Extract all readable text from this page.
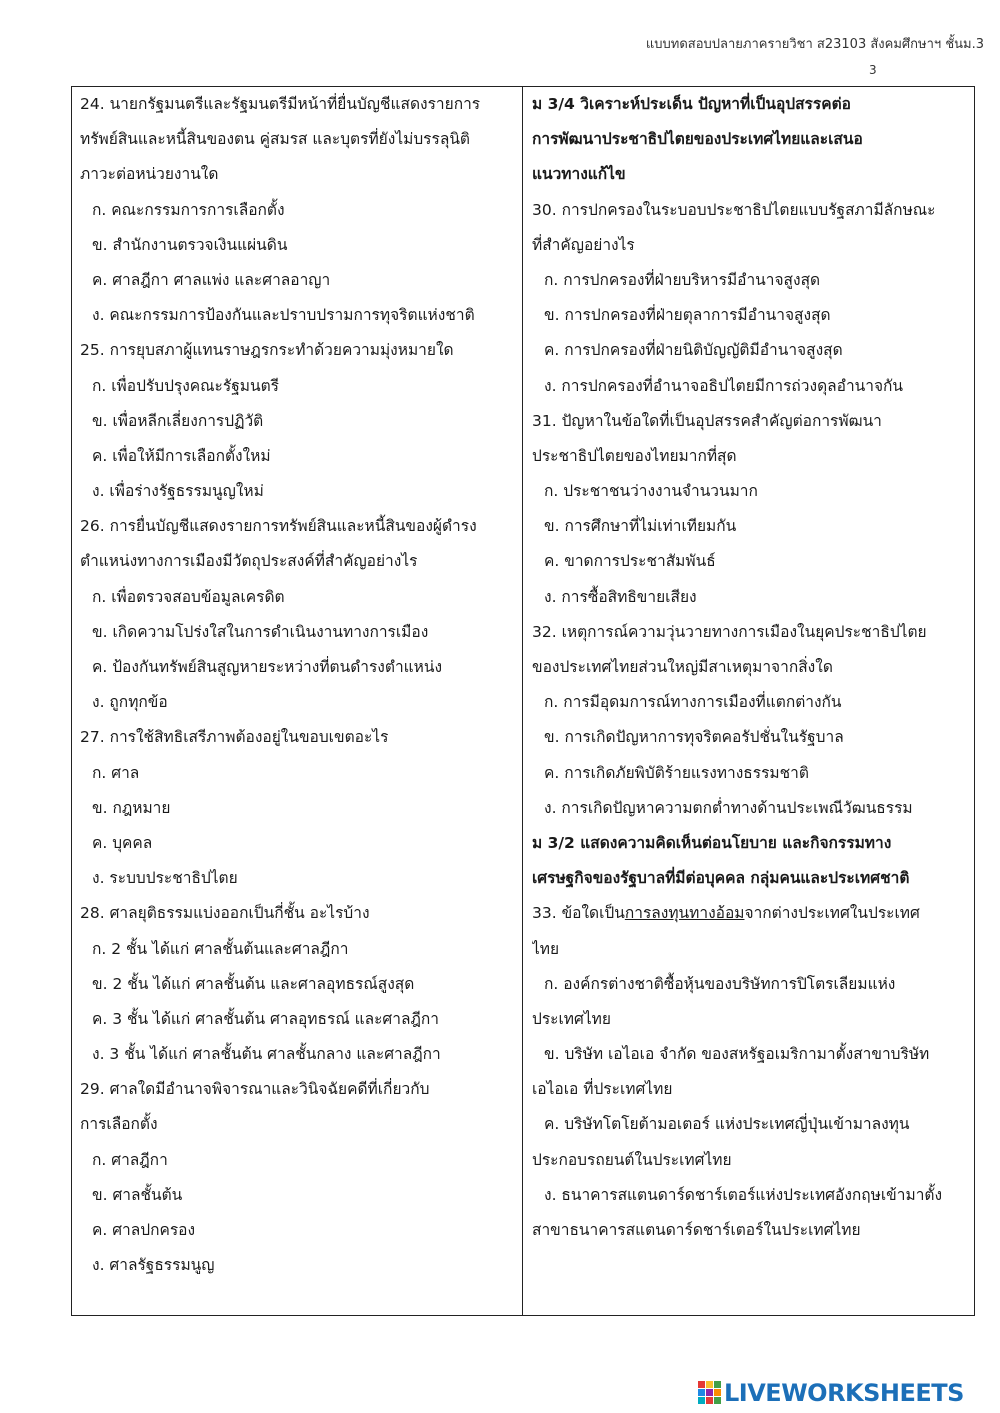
แบบทดสอบปลายภาครายวิชา ส23103 สังคมศึกษาฯ ชั้นม.3
3
24. นายกรัฐมนตรีและรัฐมนตรีมีหน้าที่ยื่นบัญชีแสดงรายการ
ทรัพย์สินและหนี้สินของตน คู่สมรส และบุตรที่ยังไม่บรรลุนิติ
ภาวะต่อหน่วยงานใด
ก. คณะกรรมการการเลือกตั้ง
ข. สำนักงานตรวจเงินแผ่นดิน
ค. ศาลฎีกา ศาลแพ่ง และศาลอาญา
ง. คณะกรรมการป้องกันและปราบปรามการทุจริตแห่งชาติ
25. การยุบสภาผู้แทนราษฎรกระทำด้วยความมุ่งหมายใด
ก. เพื่อปรับปรุงคณะรัฐมนตรี
ข. เพื่อหลีกเลี่ยงการปฏิวัติ
ค. เพื่อให้มีการเลือกตั้งใหม่
ง. เพื่อร่างรัฐธรรมนูญใหม่
26. การยื่นบัญชีแสดงรายการทรัพย์สินและหนี้สินของผู้ดำรง
ตำแหน่งทางการเมืองมีวัตถุประสงค์ที่สำคัญอย่างไร
ก. เพื่อตรวจสอบข้อมูลเครดิต
ข. เกิดความโปร่งใสในการดำเนินงานทางการเมือง
ค. ป้องกันทรัพย์สินสูญหายระหว่างที่ตนดำรงตำแหน่ง
ง. ถูกทุกข้อ
27. การใช้สิทธิเสรีภาพต้องอยู่ในขอบเขตอะไร
ก. ศาล
ข. กฎหมาย
ค. บุคคล
ง. ระบบประชาธิปไตย
28. ศาลยุติธรรมแบ่งออกเป็นกี่ชั้น อะไรบ้าง
ก. 2 ชั้น ได้แก่ ศาลชั้นต้นและศาลฎีกา
ข. 2 ชั้น ได้แก่ ศาลชั้นต้น และศาลอุทธรณ์สูงสุด
ค. 3 ชั้น ได้แก่ ศาลชั้นต้น ศาลอุทธรณ์ และศาลฎีกา
ง. 3 ชั้น ได้แก่ ศาลชั้นต้น ศาลชั้นกลาง และศาลฎีกา
29. ศาลใดมีอำนาจพิจารณาและวินิจฉัยคดีที่เกี่ยวกับ
การเลือกตั้ง
ก. ศาลฎีกา
ข. ศาลชั้นต้น
ค. ศาลปกครอง
ง. ศาลรัฐธรรมนูญ
ม 3/4 วิเคราะห์ประเด็น ปัญหาที่เป็นอุปสรรคต่อ
การพัฒนาประชาธิปไตยของประเทศไทยและเสนอ
แนวทางแก้ไข
30. การปกครองในระบอบประชาธิปไตยแบบรัฐสภามีลักษณะ
ที่สำคัญอย่างไร
ก. การปกครองที่ฝ่ายบริหารมีอำนาจสูงสุด
ข. การปกครองที่ฝ่ายตุลาการมีอำนาจสูงสุด
ค. การปกครองที่ฝ่ายนิติบัญญัติมีอำนาจสูงสุด
ง. การปกครองที่อำนาจอธิปไตยมีการถ่วงดุลอำนาจกัน
31. ปัญหาในข้อใดที่เป็นอุปสรรคสำคัญต่อการพัฒนา
ประชาธิปไตยของไทยมากที่สุด
ก. ประชาชนว่างงานจำนวนมาก
ข. การศึกษาที่ไม่เท่าเทียมกัน
ค. ขาดการประชาสัมพันธ์
ง. การซื้อสิทธิขายเสียง
32. เหตุการณ์ความวุ่นวายทางการเมืองในยุคประชาธิปไตย
ของประเทศไทยส่วนใหญ่มีสาเหตุมาจากสิ่งใด
ก. การมีอุดมการณ์ทางการเมืองที่แตกต่างกัน
ข. การเกิดปัญหาการทุจริตคอรัปชั่นในรัฐบาล
ค. การเกิดภัยพิบัติร้ายแรงทางธรรมชาติ
ง. การเกิดปัญหาความตกต่ำทางด้านประเพณีวัฒนธรรม
ม 3/2 แสดงความคิดเห็นต่อนโยบาย และกิจกรรมทาง
เศรษฐกิจของรัฐบาลที่มีต่อบุคคล กลุ่มคนและประเทศชาติ
33. ข้อใดเป็นการลงทุนทางอ้อมจากต่างประเทศในประเทศ
ไทย
ก. องค์กรต่างชาติซื้อหุ้นของบริษัทการปิโตรเลียมแห่ง
ประเทศไทย
ข. บริษัท เอไอเอ จำกัด ของสหรัฐอเมริกามาตั้งสาขาบริษัท
เอไอเอ ที่ประเทศไทย
ค. บริษัทโตโยต้ามอเตอร์ แห่งประเทศญี่ปุ่นเข้ามาลงทุน
ประกอบรถยนต์ในประเทศไทย
ง. ธนาคารสแตนดาร์ดชาร์เตอร์แห่งประเทศอังกฤษเข้ามาตั้ง
สาขาธนาคารสแตนดาร์ดชาร์เตอร์ในประเทศไทย
LIVEWORKSHEETS
